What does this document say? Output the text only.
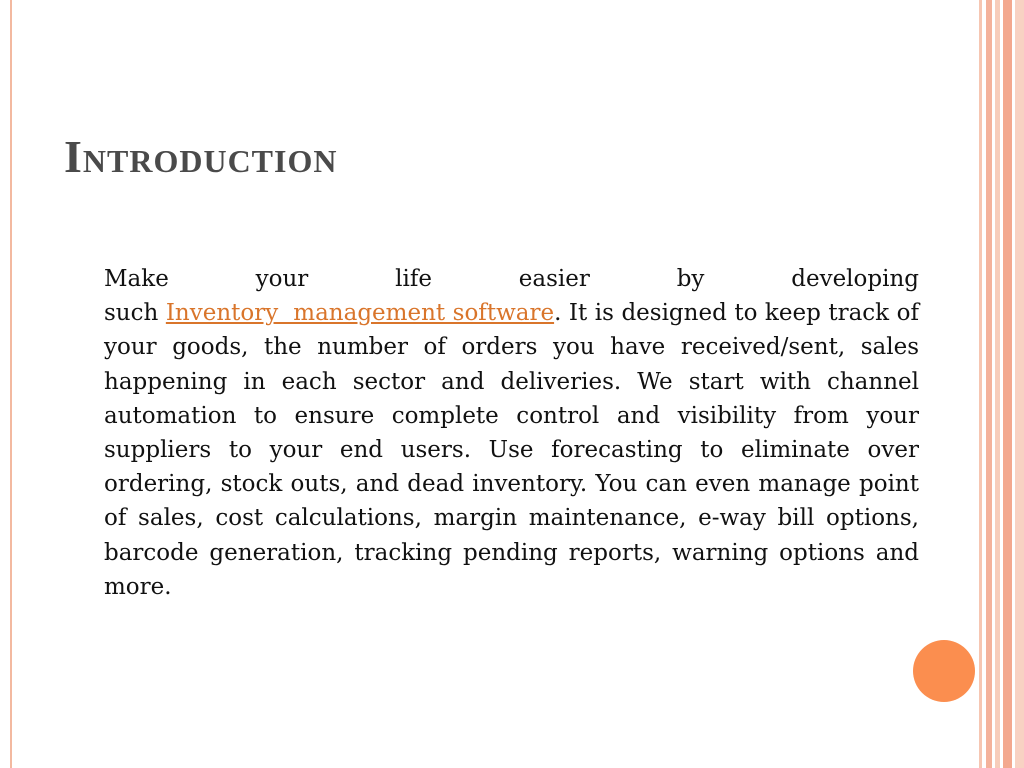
Introduction

Make your life easier by developing
such Inventory  management software. It is designed to keep track of your goods, the number of orders you have received/sent, sales happening in each sector and deliveries. We start with channel automation to ensure complete control and visibility from your suppliers to your end users. Use forecasting to eliminate over ordering, stock outs, and dead inventory. You can even manage point of sales, cost calculations, margin maintenance, e-way bill options, barcode generation, tracking pending reports, warning options and more.
